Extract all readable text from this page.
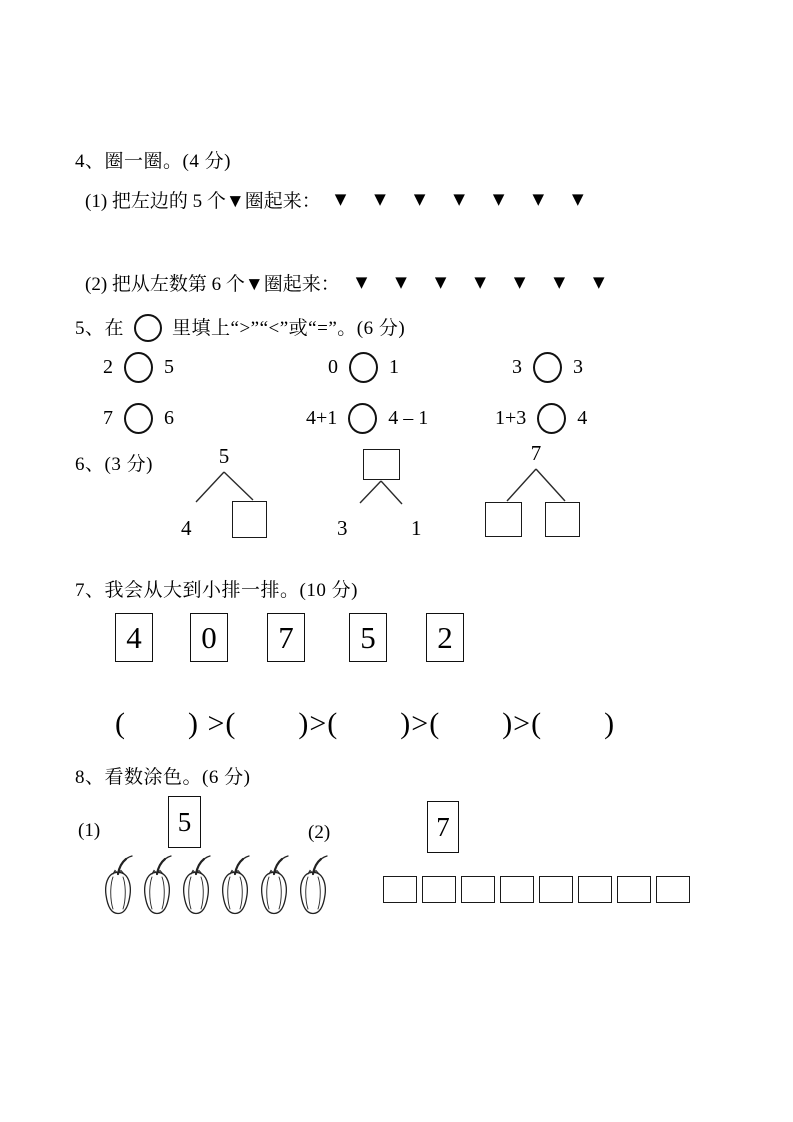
4、圈一圈。(4 分)
(1) 把左边的 5 个▼圈起来： ▼ ▼ ▼ ▼ ▼ ▼ ▼
(2) 把从左数第 6 个▼圈起来： ▼ ▼ ▼ ▼ ▼ ▼ ▼
5、在	里填上“>”“<”或“=”。(6 分)
2	5	0	1	3	3
7	6	4+1	4 – 1	1+3	4
6、(3 分)	5
4	3	1
7
7、我会从大到小排一排。(10 分)
4 0 7 5 2
(　　) >(　　)>(　　)>(　　)>(　　)
8、看数涂色。(6 分)
(1)	5	(2)	7
